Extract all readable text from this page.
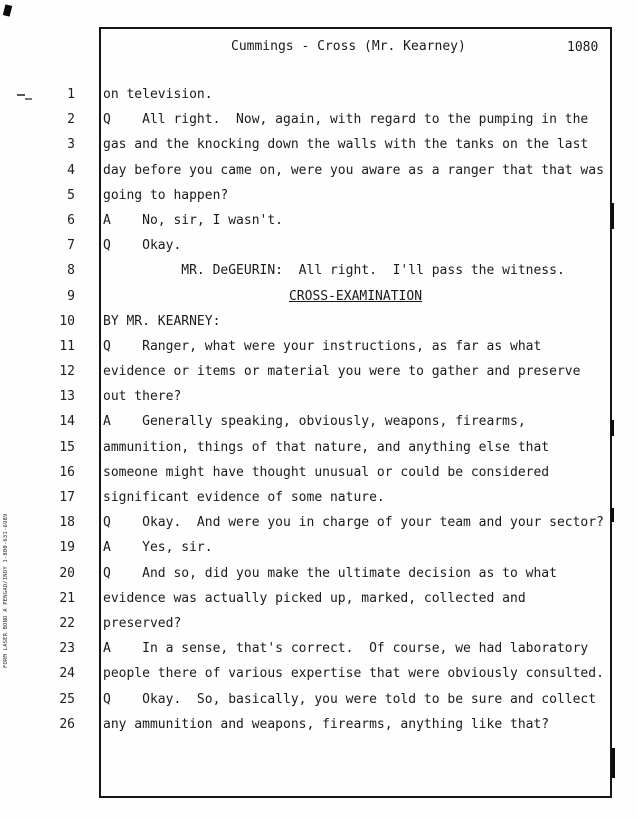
FORM LASER BOND A PENGAD/INDY 1-800-631-6989
Cummings - Cross (Mr. Kearney)	1080
1 on television.
2 Q    All right.  Now, again, with regard to the pumping in the
3 gas and the knocking down the walls with the tanks on the last
4 day before you came on, were you aware as a ranger that that was
5 going to happen?
6 A    No, sir, I wasn't.
7 Q    Okay.
8 MR. DeGEURIN:  All right.  I'll pass the witness.
9	CROSS-EXAMINATION
10 BY MR. KEARNEY:
11 Q    Ranger, what were your instructions, as far as what
12 evidence or items or material you were to gather and preserve
13 out there?
14 A    Generally speaking, obviously, weapons, firearms,
15 ammunition, things of that nature, and anything else that
16 someone might have thought unusual or could be considered
17 significant evidence of some nature.
18 Q    Okay.  And were you in charge of your team and your sector?
19 A    Yes, sir.
20 Q    And so, did you make the ultimate decision as to what
21 evidence was actually picked up, marked, collected and
22 preserved?
23 A    In a sense, that's correct.  Of course, we had laboratory
24 people there of various expertise that were obviously consulted.
25 Q    Okay.  So, basically, you were told to be sure and collect
26 any ammunition and weapons, firearms, anything like that?
